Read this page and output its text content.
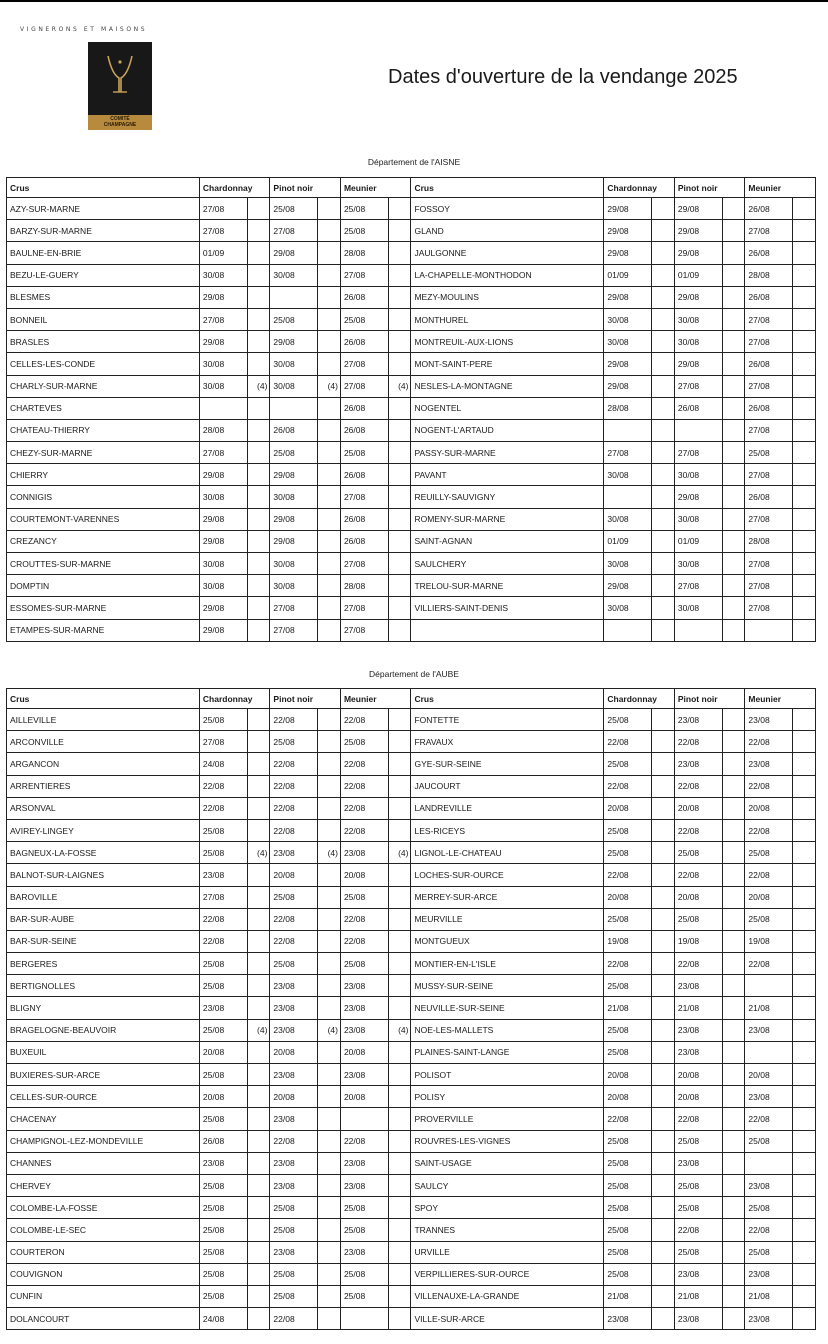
VIGNERONS ET MAISONS
COMITÉ
CHAMPAGNE
Dates d'ouverture de la vendange 2025
Département de l'AISNE
Crus	Chardonnay		Pinot noir		Meunier		Crus	Chardonnay		Pinot noir		Meunier	
AZY-SUR-MARNE	27/08		25/08		25/08		FOSSOY	29/08		29/08		26/08	
BARZY-SUR-MARNE	27/08		27/08		25/08		GLAND	29/08		29/08		27/08	
BAULNE-EN-BRIE	01/09		29/08		28/08		JAULGONNE	29/08		29/08		26/08	
BEZU-LE-GUERY	30/08		30/08		27/08		LA-CHAPELLE-MONTHODON	01/09		01/09		28/08	
BLESMES	29/08				26/08		MEZY-MOULINS	29/08		29/08		26/08	
BONNEIL	27/08		25/08		25/08		MONTHUREL	30/08		30/08		27/08	
BRASLES	29/08		29/08		26/08		MONTREUIL-AUX-LIONS	30/08		30/08		27/08	
CELLES-LES-CONDE	30/08		30/08		27/08		MONT-SAINT-PERE	29/08		29/08		26/08	
CHARLY-SUR-MARNE	30/08	(4)	30/08	(4)	27/08	(4)	NESLES-LA-MONTAGNE	29/08		27/08		27/08	
CHARTEVES					26/08		NOGENTEL	28/08		26/08		26/08	
CHATEAU-THIERRY	28/08		26/08		26/08		NOGENT-L'ARTAUD					27/08	
CHEZY-SUR-MARNE	27/08		25/08		25/08		PASSY-SUR-MARNE	27/08		27/08		25/08	
CHIERRY	29/08		29/08		26/08		PAVANT	30/08		30/08		27/08	
CONNIGIS	30/08		30/08		27/08		REUILLY-SAUVIGNY			29/08		26/08	
COURTEMONT-VARENNES	29/08		29/08		26/08		ROMENY-SUR-MARNE	30/08		30/08		27/08	
CREZANCY	29/08		29/08		26/08		SAINT-AGNAN	01/09		01/09		28/08	
CROUTTES-SUR-MARNE	30/08		30/08		27/08		SAULCHERY	30/08		30/08		27/08	
DOMPTIN	30/08		30/08		28/08		TRELOU-SUR-MARNE	29/08		27/08		27/08	
ESSOMES-SUR-MARNE	29/08		27/08		27/08		VILLIERS-SAINT-DENIS	30/08		30/08		27/08	
ETAMPES-SUR-MARNE	29/08		27/08		27/08								
Département de l'AUBE
Crus	Chardonnay		Pinot noir		Meunier		Crus	Chardonnay		Pinot noir		Meunier	
AILLEVILLE	25/08		22/08		22/08		FONTETTE	25/08		23/08		23/08	
ARCONVILLE	27/08		25/08		25/08		FRAVAUX	22/08		22/08		22/08	
ARGANCON	24/08		22/08		22/08		GYE-SUR-SEINE	25/08		23/08		23/08	
ARRENTIERES	22/08		22/08		22/08		JAUCOURT	22/08		22/08		22/08	
ARSONVAL	22/08		22/08		22/08		LANDREVILLE	20/08		20/08		20/08	
AVIREY-LINGEY	25/08		22/08		22/08		LES-RICEYS	25/08		22/08		22/08	
BAGNEUX-LA-FOSSE	25/08	(4)	23/08	(4)	23/08	(4)	LIGNOL-LE-CHATEAU	25/08		25/08		25/08	
BALNOT-SUR-LAIGNES	23/08		20/08		20/08		LOCHES-SUR-OURCE	22/08		22/08		22/08	
BAROVILLE	27/08		25/08		25/08		MERREY-SUR-ARCE	20/08		20/08		20/08	
BAR-SUR-AUBE	22/08		22/08		22/08		MEURVILLE	25/08		25/08		25/08	
BAR-SUR-SEINE	22/08		22/08		22/08		MONTGUEUX	19/08		19/08		19/08	
BERGERES	25/08		25/08		25/08		MONTIER-EN-L'ISLE	22/08		22/08		22/08	
BERTIGNOLLES	25/08		23/08		23/08		MUSSY-SUR-SEINE	25/08		23/08			
BLIGNY	23/08		23/08		23/08		NEUVILLE-SUR-SEINE	21/08		21/08		21/08	
BRAGELOGNE-BEAUVOIR	25/08	(4)	23/08	(4)	23/08	(4)	NOE-LES-MALLETS	25/08		23/08		23/08	
BUXEUIL	20/08		20/08		20/08		PLAINES-SAINT-LANGE	25/08		23/08			
BUXIERES-SUR-ARCE	25/08		23/08		23/08		POLISOT	20/08		20/08		20/08	
CELLES-SUR-OURCE	20/08		20/08		20/08		POLISY	20/08		20/08		23/08	
CHACENAY	25/08		23/08				PROVERVILLE	22/08		22/08		22/08	
CHAMPIGNOL-LEZ-MONDEVILLE	26/08		22/08		22/08		ROUVRES-LES-VIGNES	25/08		25/08		25/08	
CHANNES	23/08		23/08		23/08		SAINT-USAGE	25/08		23/08			
CHERVEY	25/08		23/08		23/08		SAULCY	25/08		25/08		23/08	
COLOMBE-LA-FOSSE	25/08		25/08		25/08		SPOY	25/08		25/08		25/08	
COLOMBE-LE-SEC	25/08		25/08		25/08		TRANNES	25/08		22/08		22/08	
COURTERON	25/08		23/08		23/08		URVILLE	25/08		25/08		25/08	
COUVIGNON	25/08		25/08		25/08		VERPILLIERES-SUR-OURCE	25/08		23/08		23/08	
CUNFIN	25/08		25/08		25/08		VILLENAUXE-LA-GRANDE	21/08		21/08		21/08	
DOLANCOURT	24/08		22/08				VILLE-SUR-ARCE	23/08		23/08		23/08	
